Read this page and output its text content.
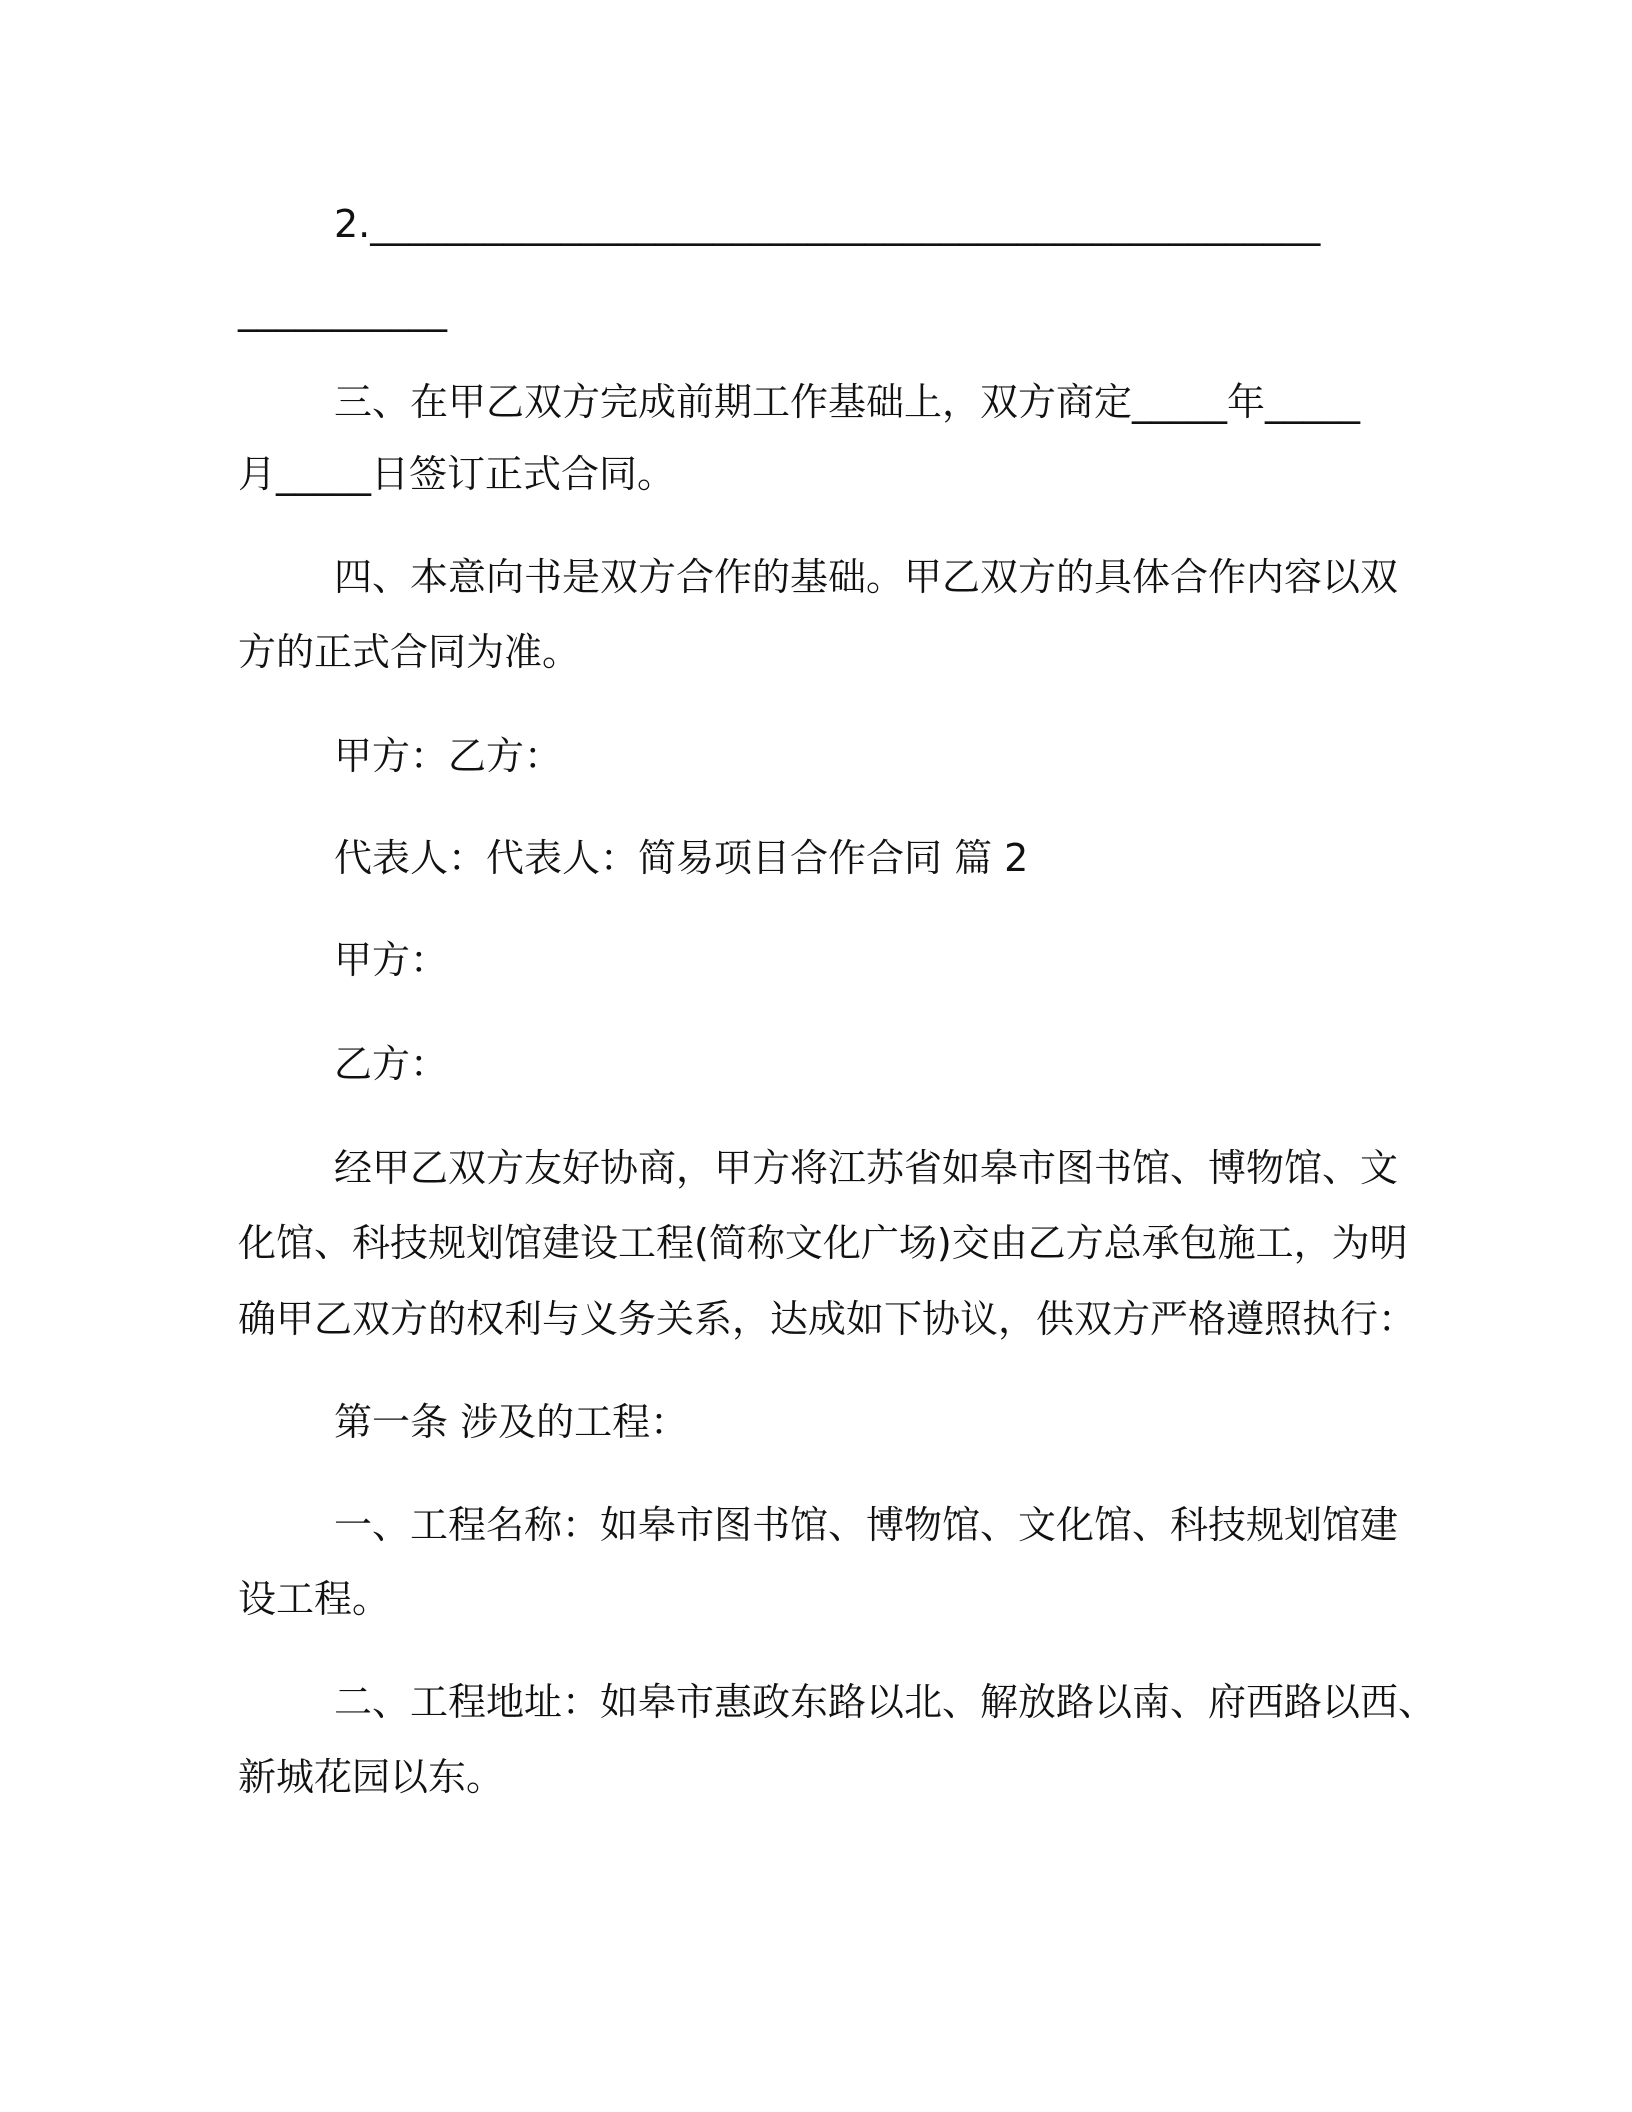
2.__________________________________________________
___________
三、在甲乙双方完成前期工作基础上，双方商定_____年_____
月_____日签订正式合同。
四、本意向书是双方合作的基础。甲乙双方的具体合作内容以双
方的正式合同为准。
甲方：乙方：
代表人：代表人：简易项目合作合同 篇 2
甲方：
乙方：
经甲乙双方友好协商，甲方将江苏省如皋市图书馆、博物馆、文
化馆、科技规划馆建设工程(简称文化广场)交由乙方总承包施工，为明
确甲乙双方的权利与义务关系，达成如下协议，供双方严格遵照执行：
第一条 涉及的工程：
一、工程名称：如皋市图书馆、博物馆、文化馆、科技规划馆建
设工程。
二、工程地址：如皋市惠政东路以北、解放路以南、府西路以西、
新城花园以东。
